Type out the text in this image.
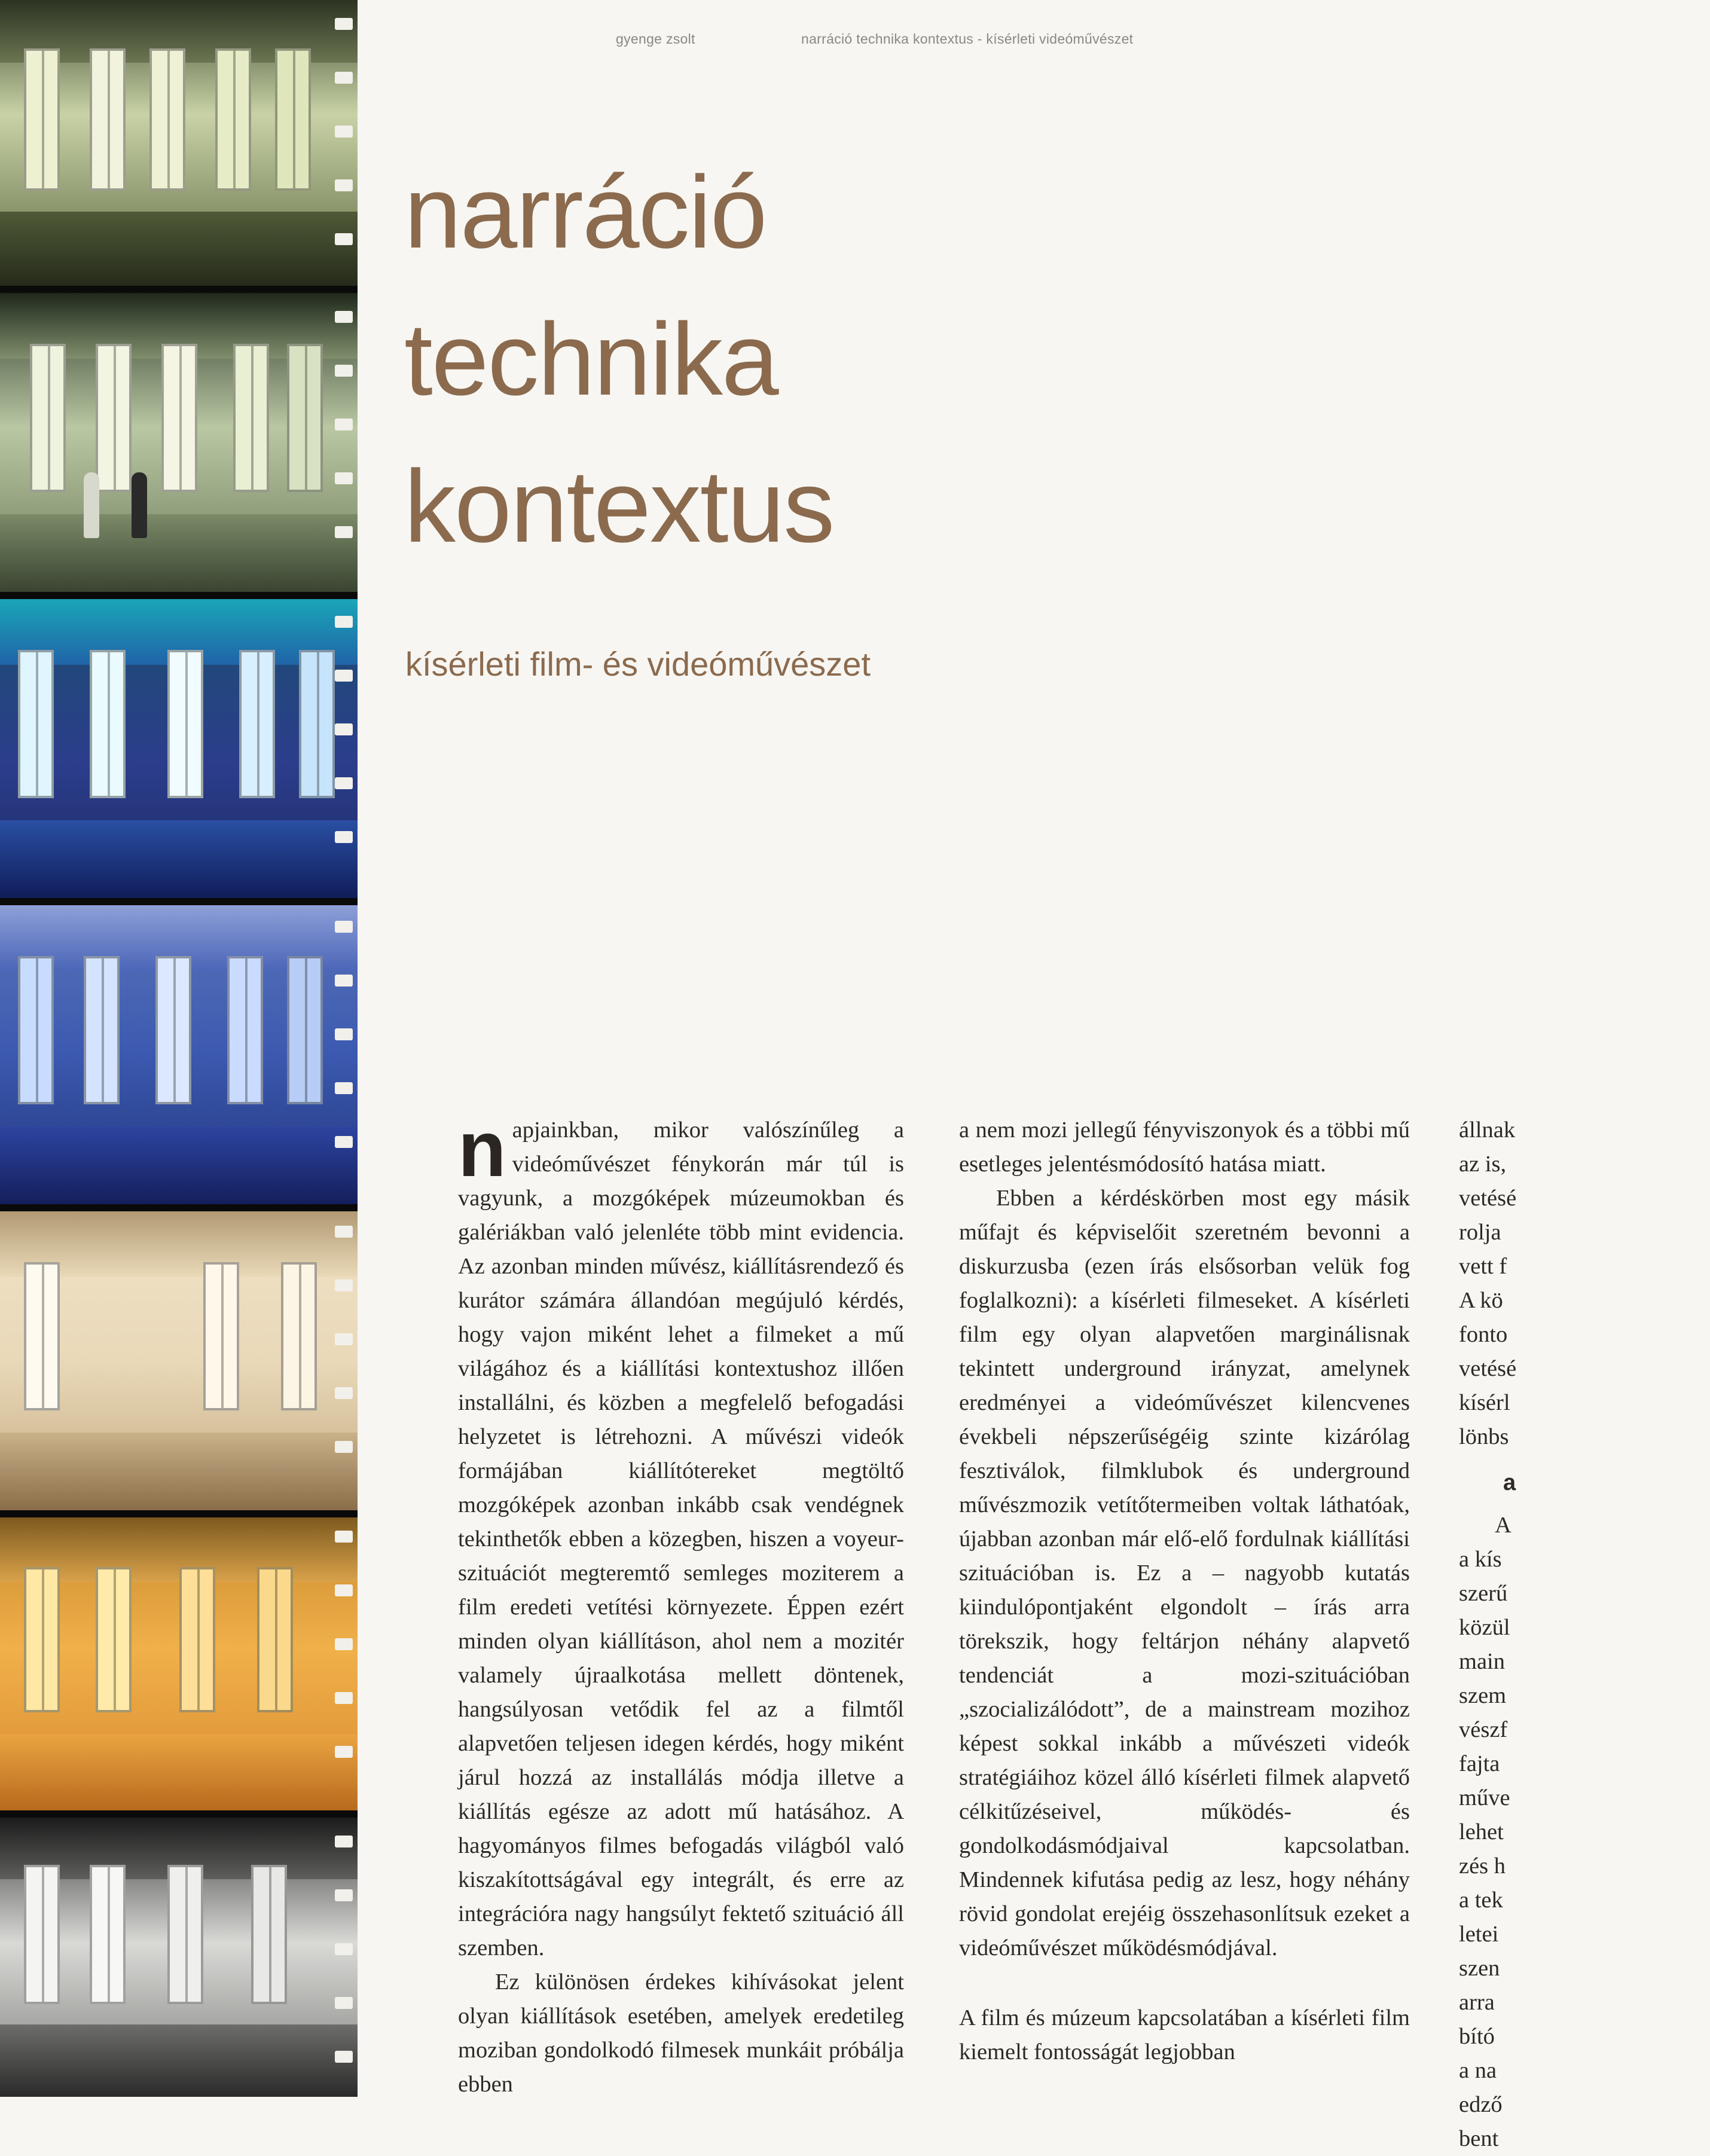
gyenge zsolt	narráció technika kontextus - kísérleti videóművészet
narráció
technika
kontextus
kísérleti film- és videóművészet

napjainkban, mikor valószínűleg a videóművészet fénykorán már túl is vagyunk, a mozgóképek múzeumokban és galériákban való jelenléte több mint evidencia. Az azonban minden művész, kiállításrendező és kurátor számára állandóan megújuló kérdés, hogy vajon miként lehet a filmeket a mű világához és a kiállítási kontextushoz illően installálni, és közben a megfelelő befogadási helyzetet is létrehozni. A művészi videók formájában kiállítótereket megtöltő mozgóképek azonban inkább csak vendégnek tekinthetők ebben a közegben, hiszen a voyeur-szituációt megteremtő semleges moziterem a film eredeti vetítési környezete. Éppen ezért minden olyan kiállításon, ahol nem a mozitér valamely újraalkotása mellett döntenek, hangsúlyosan vetődik fel az a filmtől alapvetően teljesen idegen kérdés, hogy miként járul hozzá az installálás módja illetve a kiállítás egésze az adott mű hatásához. A hagyományos filmes befogadás világból való kiszakítottságával egy integrált, és erre az integrációra nagy hangsúlyt fektető szituáció áll szemben.

Ez különösen érdekes kihívásokat jelent olyan kiállítások esetében, amelyek eredetileg moziban gondolkodó filmesek munkáit próbálja ebben

a nem mozi jellegű fényviszonyok és a többi mű esetleges jelentésmódosító hatása miatt.

Ebben a kérdéskörben most egy másik műfajt és képviselőit szeretném bevonni a diskurzusba (ezen írás elsősorban velük fog foglalkozni): a kísérleti filmeseket. A kísérleti film egy olyan alapvetően marginálisnak tekintett underground irányzat, amelynek eredményei a videóművészet kilencvenes évekbeli népszerűségéig szinte kizárólag fesztiválok, filmklubok és underground művészmozik vetítőtermeiben voltak láthatóak, újabban azonban már elő-elő fordulnak kiállítási szituációban is. Ez a – nagyobb kutatás kiindulópontjaként elgondolt – írás arra törekszik, hogy feltárjon néhány alapvető tendenciát a mozi-szituációban „szocializálódott”, de a mainstream mozihoz képest sokkal inkább a művészeti videók stratégiáihoz közel álló kísérleti filmek alapvető célkitűzéseivel, működés- és gondolkodásmódjaival kapcsolatban. Mindennek kifutása pedig az lesz, hogy néhány rövid gondolat erejéig összehasonlítsuk ezeket a videóművészet működésmódjával.

A film és múzeum kapcsolatában a kísérleti film kiemelt fontosságát legjobban

állnak
az is,
vetésé
rolja
vett f
A kö
fonto
vetésé
kísérl
lönbs
a
A
a kís
szerű
közül
main
szem
vészf
fajta
műve
lehet
zés h
a tek
letei
szen
arra
bító
a na
edző
bent
